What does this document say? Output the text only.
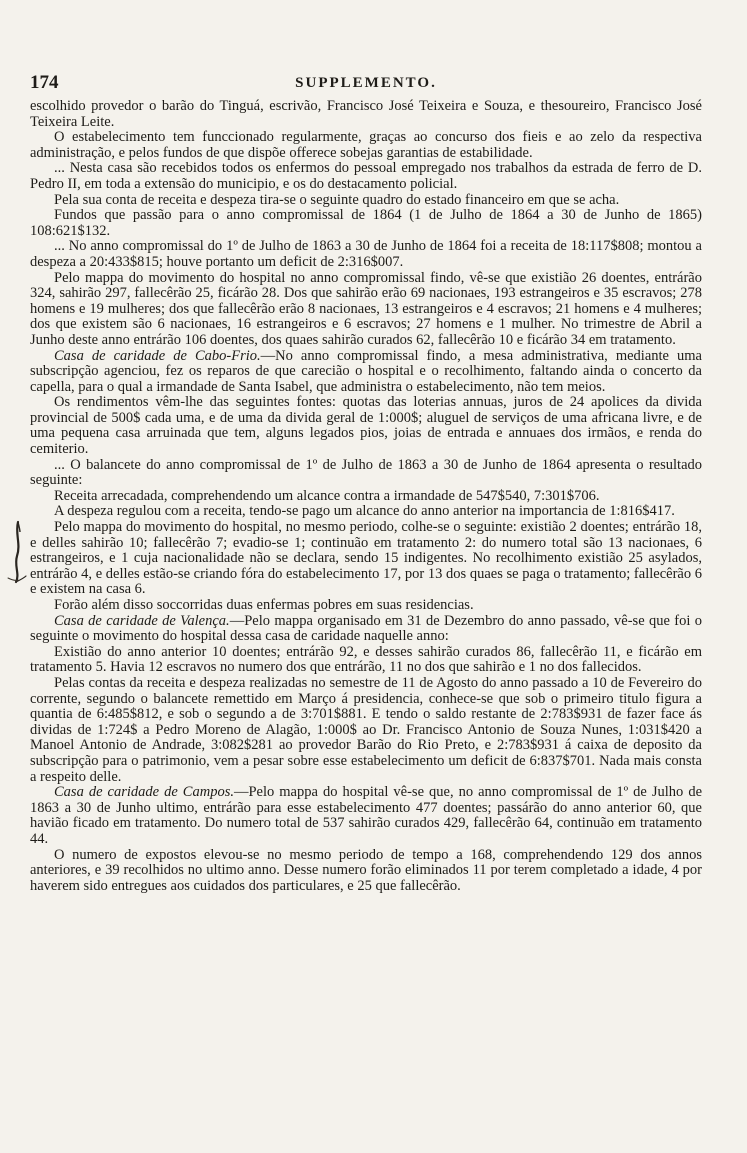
174	SUPPLEMENTO.

escolhido provedor o barão do Tinguá, escrivão, Francisco José Teixeira e Souza, e thesoureiro, Francisco José Teixeira Leite.

O estabelecimento tem funccionado regularmente, graças ao concurso dos fieis e ao zelo da respectiva administração, e pelos fundos de que dispõe offerece sobejas garantias de estabilidade.

... Nesta casa são recebidos todos os enfermos do pessoal empregado nos trabalhos da estrada de ferro de D. Pedro II, em toda a extensão do municipio, e os do destacamento policial.

Pela sua conta de receita e despeza tira-se o seguinte quadro do estado financeiro em que se acha.

Fundos que passão para o anno compromissal de 1864 (1 de Julho de 1864 a 30 de Junho de 1865) 108:621$132.

... No anno compromissal do 1º de Julho de 1863 a 30 de Junho de 1864 foi a receita de 18:117$808; montou a despeza a 20:433$815; houve portanto um deficit de 2:316$007.

Pelo mappa do movimento do hospital no anno compromissal findo, vê-se que existião 26 doentes, entrárão 324, sahirão 297, fallecêrão 25, ficárão 28. Dos que sahirão erão 69 nacionaes, 193 estrangeiros e 35 escravos; 278 homens e 19 mulheres; dos que fallecêrão erão 8 nacionaes, 13 estrangeiros e 4 escravos; 21 homens e 4 mulheres; dos que existem são 6 nacionaes, 16 estrangeiros e 6 escravos; 27 homens e 1 mulher. No trimestre de Abril a Junho deste anno entrárão 106 doentes, dos quaes sahirão curados 62, fallecêrão 10 e ficárão 34 em tratamento.

Casa de caridade de Cabo-Frio.—No anno compromissal findo, a mesa administrativa, mediante uma subscripção agenciou, fez os reparos de que carecião o hospital e o recolhimento, faltando ainda o concerto da capella, para o qual a irmandade de Santa Isabel, que administra o estabelecimento, não tem meios.

Os rendimentos vêm-lhe das seguintes fontes: quotas das loterias annuas, juros de 24 apolices da divida provincial de 500$ cada uma, e de uma da divida geral de 1:000$; aluguel de serviços de uma africana livre, e de uma pequena casa arruinada que tem, alguns legados pios, joias de entrada e annuaes dos irmãos, e renda do cemiterio.

... O balancete do anno compromissal de 1º de Julho de 1863 a 30 de Junho de 1864 apresenta o resultado seguinte:

Receita arrecadada, comprehendendo um alcance contra a irmandade de 547$540, 7:301$706.

A despeza regulou com a receita, tendo-se pago um alcance do anno anterior na importancia de 1:816$417.

Pelo mappa do movimento do hospital, no mesmo periodo, colhe-se o seguinte: existião 2 doentes; entrárão 18, e delles sahirão 10; fallecêrão 7; evadio-se 1; continuão em tratamento 2: do numero total são 13 nacionaes, 6 estrangeiros, e 1 cuja nacionalidade não se declara, sendo 15 indigentes. No recolhimento existião 25 asylados, entrárão 4, e delles estão-se criando fóra do estabelecimento 17, por 13 dos quaes se paga o tratamento; fallecêrão 6 e existem na casa 6.

Forão além disso soccorridas duas enfermas pobres em suas residencias.

Casa de caridade de Valença.—Pelo mappa organisado em 31 de Dezembro do anno passado, vê-se que foi o seguinte o movimento do hospital dessa casa de caridade naquelle anno:

Existião do anno anterior 10 doentes; entrárão 92, e desses sahirão curados 86, fallecêrão 11, e ficárão em tratamento 5. Havia 12 escravos no numero dos que entrárão, 11 no dos que sahirão e 1 no dos fallecidos.

Pelas contas da receita e despeza realizadas no semestre de 11 de Agosto do anno passado a 10 de Fevereiro do corrente, segundo o balancete remettido em Março á presidencia, conhece-se que sob o primeiro titulo figura a quantia de 6:485$812, e sob o segundo a de 3:701$881. E tendo o saldo restante de 2:783$931 de fazer face ás dividas de 1:724$ a Pedro Moreno de Alagão, 1:000$ ao Dr. Francisco Antonio de Souza Nunes, 1:031$420 a Manoel Antonio de Andrade, 3:082$281 ao provedor Barão do Rio Preto, e 2:783$931 á caixa de deposito da subscripção para o patrimonio, vem a pesar sobre esse estabelecimento um deficit de 6:837$701. Nada mais consta a respeito delle.

Casa de caridade de Campos.—Pelo mappa do hospital vê-se que, no anno compromissal de 1º de Julho de 1863 a 30 de Junho ultimo, entrárão para esse estabelecimento 477 doentes; passárão do anno anterior 60, que havião ficado em tratamento. Do numero total de 537 sahirão curados 429, fallecêrão 64, continuão em tratamento 44.

O numero de expostos elevou-se no mesmo periodo de tempo a 168, comprehendendo 129 dos annos anteriores, e 39 recolhidos no ultimo anno. Desse numero forão eliminados 11 por terem completado a idade, 4 por haverem sido entregues aos cuidados dos particulares, e 25 que fallecêrão.
